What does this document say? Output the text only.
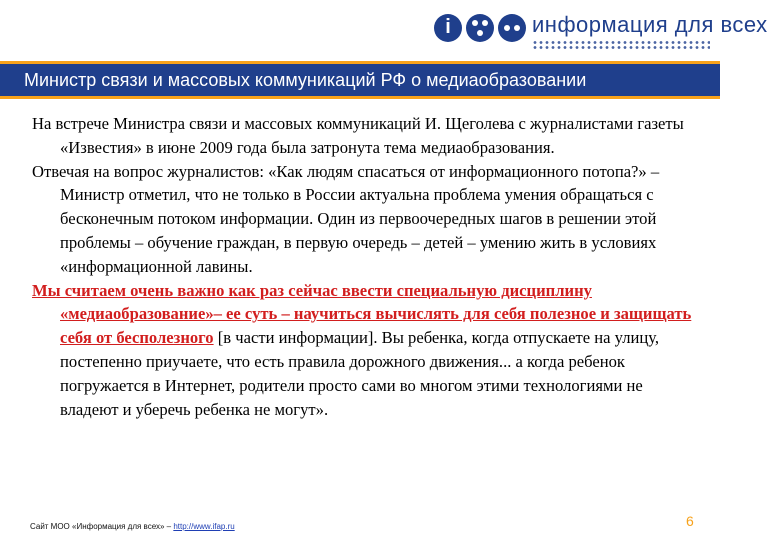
i
информация для всех
Министр связи и массовых коммуникаций РФ о медиаобразовании

На встрече Министра связи и массовых коммуникаций И. Щеголева с журналистами газеты «Известия» в июне 2009 года была затронута тема медиаобразования.

Отвечая на вопрос журналистов: «Как людям спасаться от информационного потопа?» – Министр отметил, что не только в России актуальна проблема умения обращаться с бесконечным потоком информации. Один из первоочередных шагов в решении этой проблемы – обучение граждан, в первую очередь – детей – умению жить в условиях «информационной лавины.

Мы считаем очень важно как раз сейчас ввести специальную дисциплину «медиаобразование»– ее суть – научиться вычислять для себя полезное и защищать себя от бесполезного [в части информации]. Вы ребенка, когда отпускаете на улицу, постепенно приучаете, что есть правила дорожного движения... а когда ребенок погружается в Интернет, родители просто сами во многом этими технологиями не владеют и уберечь ребенка не могут».

Сайт МОО «Информация для всех» – http://www.ifap.ru	6
